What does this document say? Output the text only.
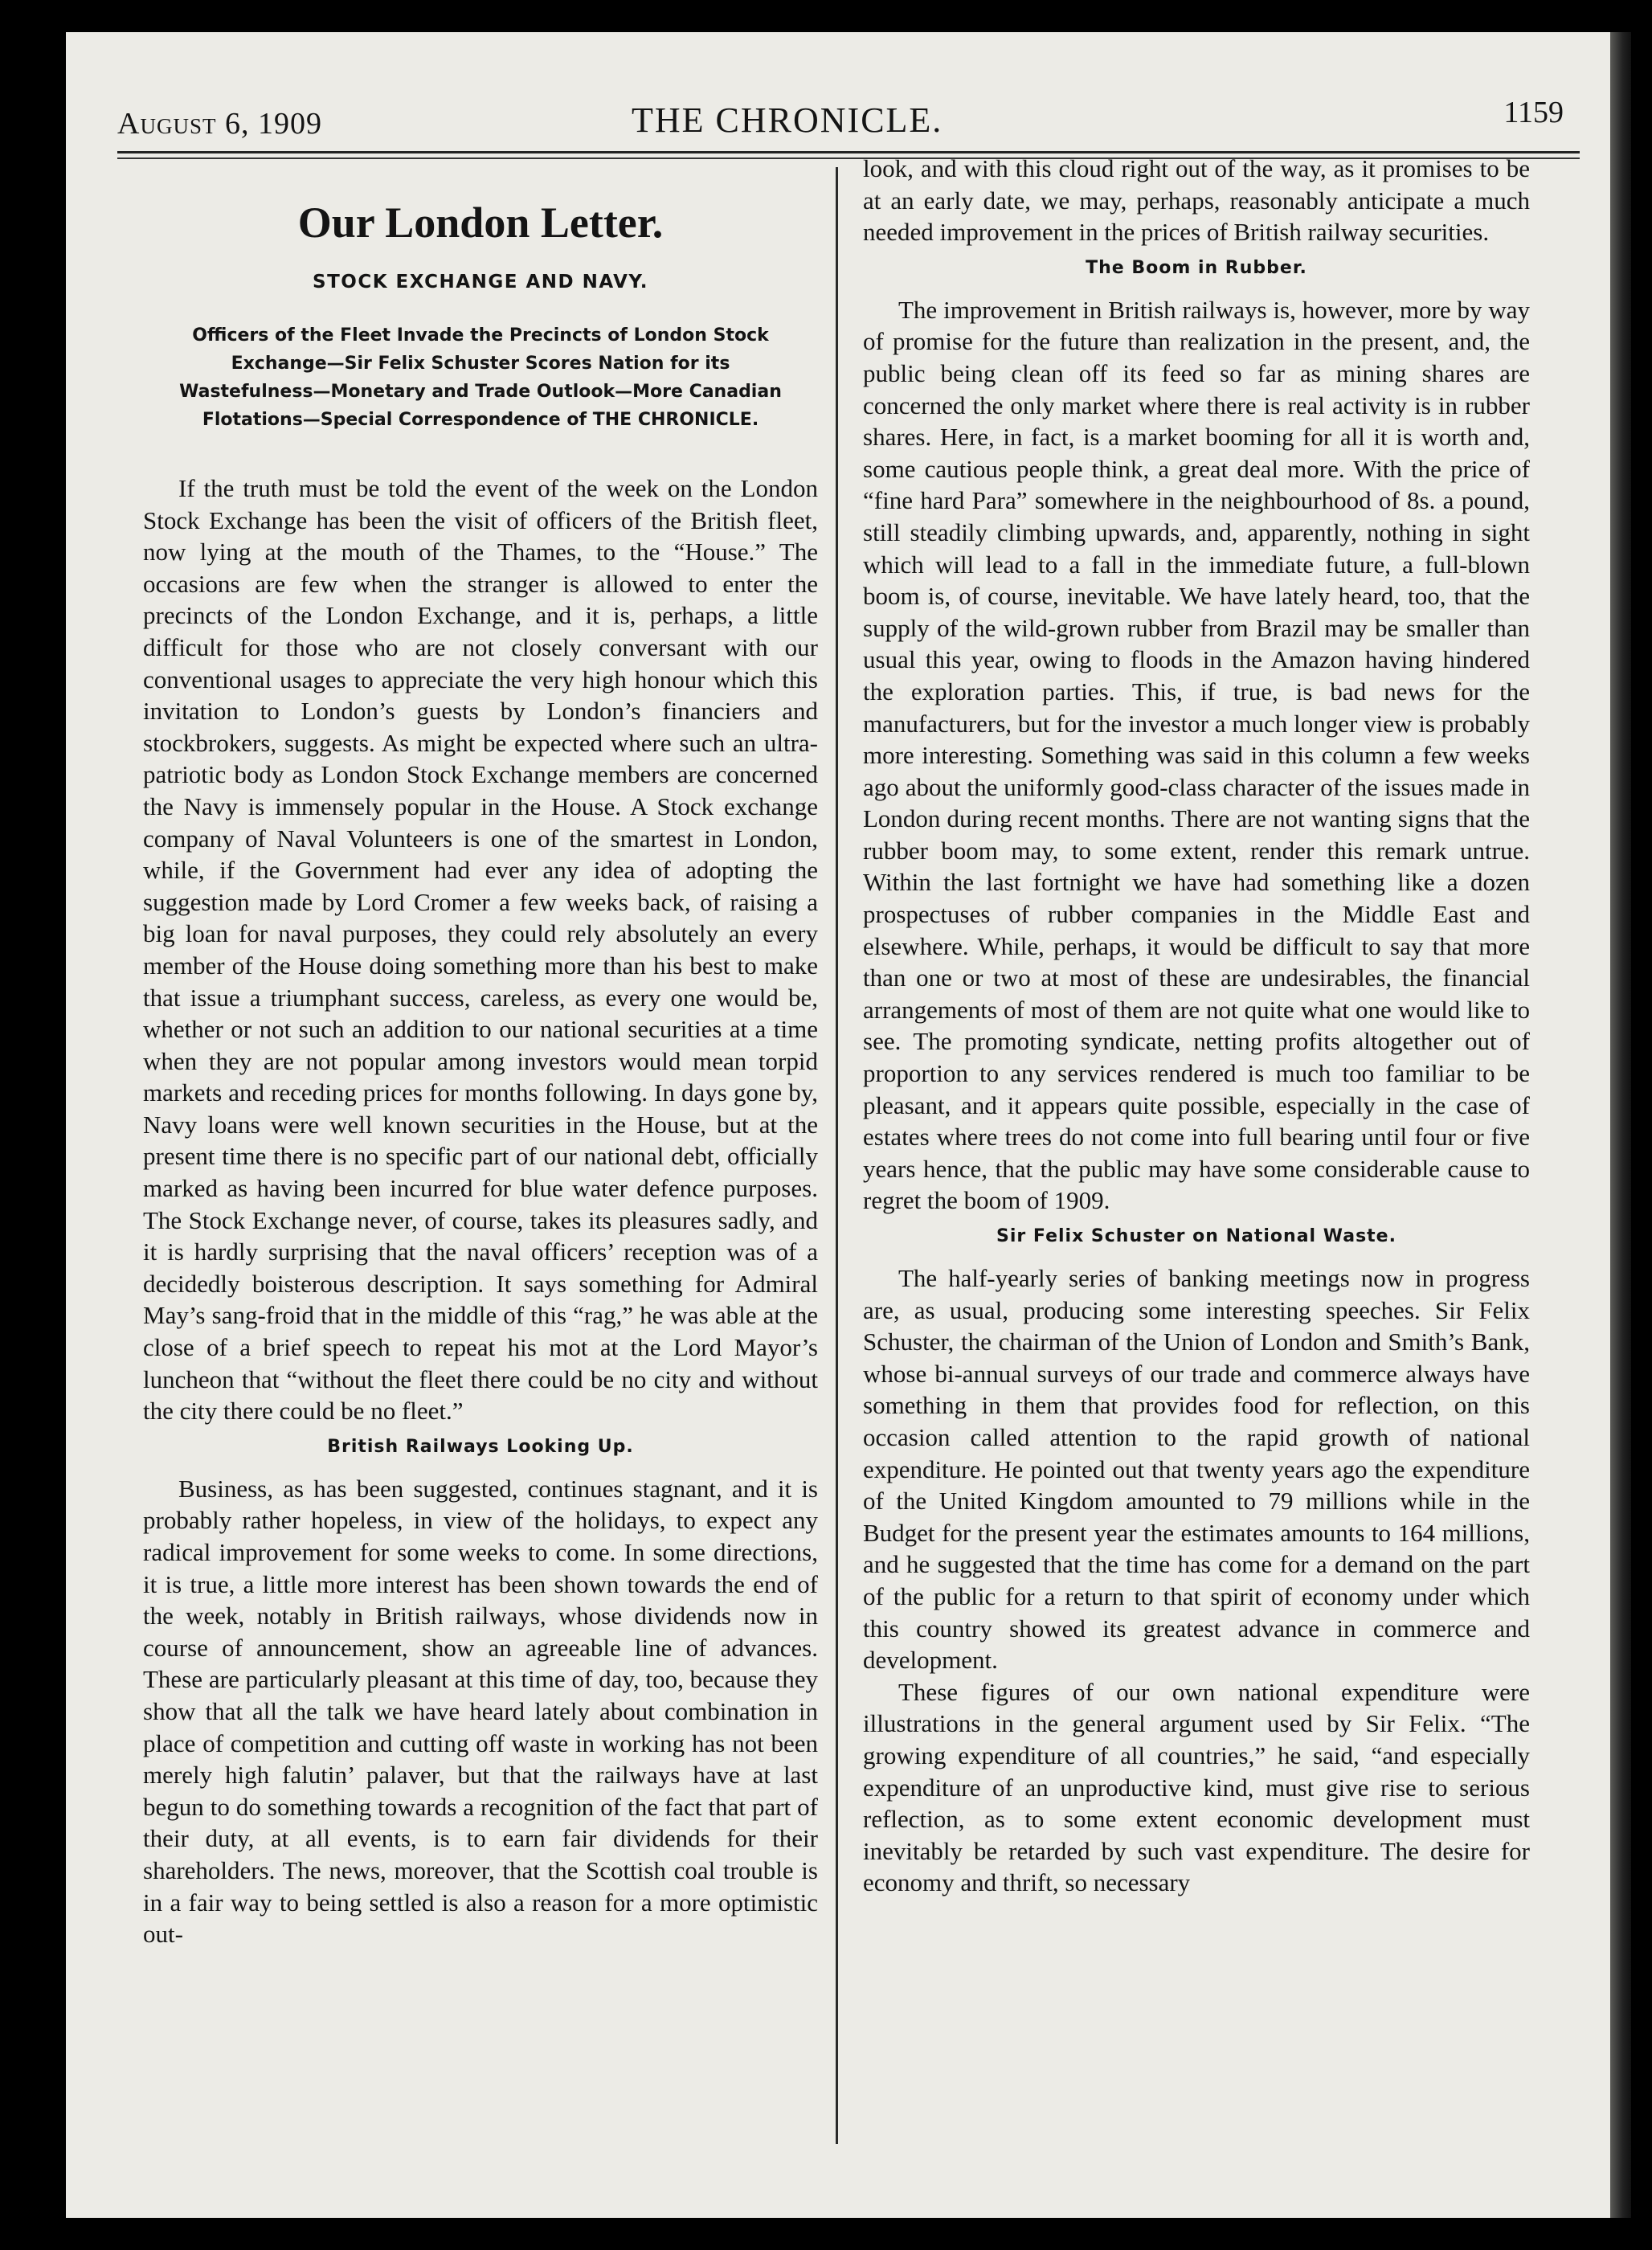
August 6, 1909	THE CHRONICLE.	1159
Our London Letter.
STOCK EXCHANGE AND NAVY.
Officers of the Fleet Invade the Precincts of London Stock Exchange—Sir Felix Schuster Scores Nation for its Wastefulness—Monetary and Trade Outlook—More Canadian Flotations—Special Correspondence of THE CHRONICLE.

If the truth must be told the event of the week on the London Stock Exchange has been the visit of officers of the British fleet, now lying at the mouth of the Thames, to the “House.” The occasions are few when the stranger is allowed to enter the precincts of the London Exchange, and it is, perhaps, a little difficult for those who are not closely conversant with our conventional usages to appreciate the very high honour which this invitation to London’s guests by London’s financiers and stockbrokers, suggests. As might be expected where such an ultra-patriotic body as London Stock Exchange members are concerned the Navy is immensely popular in the House. A Stock exchange company of Naval Volunteers is one of the smartest in London, while, if the Government had ever any idea of adopting the suggestion made by Lord Cromer a few weeks back, of raising a big loan for naval purposes, they could rely absolutely an every member of the House doing something more than his best to make that issue a triumphant success, careless, as every one would be, whether or not such an addition to our national securities at a time when they are not popular among investors would mean torpid markets and receding prices for months following. In days gone by, Navy loans were well known securities in the House, but at the present time there is no specific part of our national debt, officially marked as having been incurred for blue water defence purposes. The Stock Exchange never, of course, takes its pleasures sadly, and it is hardly surprising that the naval officers’ reception was of a decidedly boisterous description. It says something for Admiral May’s sang-froid that in the middle of this “rag,” he was able at the close of a brief speech to repeat his mot at the Lord Mayor’s luncheon that “without the fleet there could be no city and without the city there could be no fleet.”

British Railways Looking Up.

Business, as has been suggested, continues stagnant, and it is probably rather hopeless, in view of the holidays, to expect any radical improvement for some weeks to come. In some directions, it is true, a little more interest has been shown towards the end of the week, notably in British railways, whose dividends now in course of announcement, show an agreeable line of advances. These are particularly pleasant at this time of day, too, because they show that all the talk we have heard lately about combination in place of competition and cutting off waste in working has not been merely high falutin’ palaver, but that the railways have at last begun to do something towards a recognition of the fact that part of their duty, at all events, is to earn fair dividends for their shareholders. The news, moreover, that the Scottish coal trouble is in a fair way to being settled is also a reason for a more optimistic out-

look, and with this cloud right out of the way, as it promises to be at an early date, we may, perhaps, reasonably anticipate a much needed improvement in the prices of British railway securities.

The Boom in Rubber.

The improvement in British railways is, however, more by way of promise for the future than realization in the present, and, the public being clean off its feed so far as mining shares are concerned the only market where there is real activity is in rubber shares. Here, in fact, is a market booming for all it is worth and, some cautious people think, a great deal more. With the price of “fine hard Para” somewhere in the neighbourhood of 8s. a pound, still steadily climbing upwards, and, apparently, nothing in sight which will lead to a fall in the immediate future, a full-blown boom is, of course, inevitable. We have lately heard, too, that the supply of the wild-grown rubber from Brazil may be smaller than usual this year, owing to floods in the Amazon having hindered the exploration parties. This, if true, is bad news for the manufacturers, but for the investor a much longer view is probably more interesting. Something was said in this column a few weeks ago about the uniformly good-class character of the issues made in London during recent months. There are not wanting signs that the rubber boom may, to some extent, render this remark untrue. Within the last fortnight we have had something like a dozen prospectuses of rubber companies in the Middle East and elsewhere. While, perhaps, it would be difficult to say that more than one or two at most of these are undesirables, the financial arrangements of most of them are not quite what one would like to see. The promoting syndicate, netting profits altogether out of proportion to any services rendered is much too familiar to be pleasant, and it appears quite possible, especially in the case of estates where trees do not come into full bearing until four or five years hence, that the public may have some considerable cause to regret the boom of 1909.

Sir Felix Schuster on National Waste.

The half-yearly series of banking meetings now in progress are, as usual, producing some interesting speeches. Sir Felix Schuster, the chairman of the Union of London and Smith’s Bank, whose bi-annual surveys of our trade and commerce always have something in them that provides food for reflection, on this occasion called attention to the rapid growth of national expenditure. He pointed out that twenty years ago the expenditure of the United Kingdom amounted to 79 millions while in the Budget for the present year the estimates amounts to 164 millions, and he suggested that the time has come for a demand on the part of the public for a return to that spirit of economy under which this country showed its greatest advance in commerce and development.

These figures of our own national expenditure were illustrations in the general argument used by Sir Felix. “The growing expenditure of all countries,” he said, “and especially expenditure of an unproductive kind, must give rise to serious reflection, as to some extent economic development must inevitably be retarded by such vast expenditure. The desire for economy and thrift, so necessary
